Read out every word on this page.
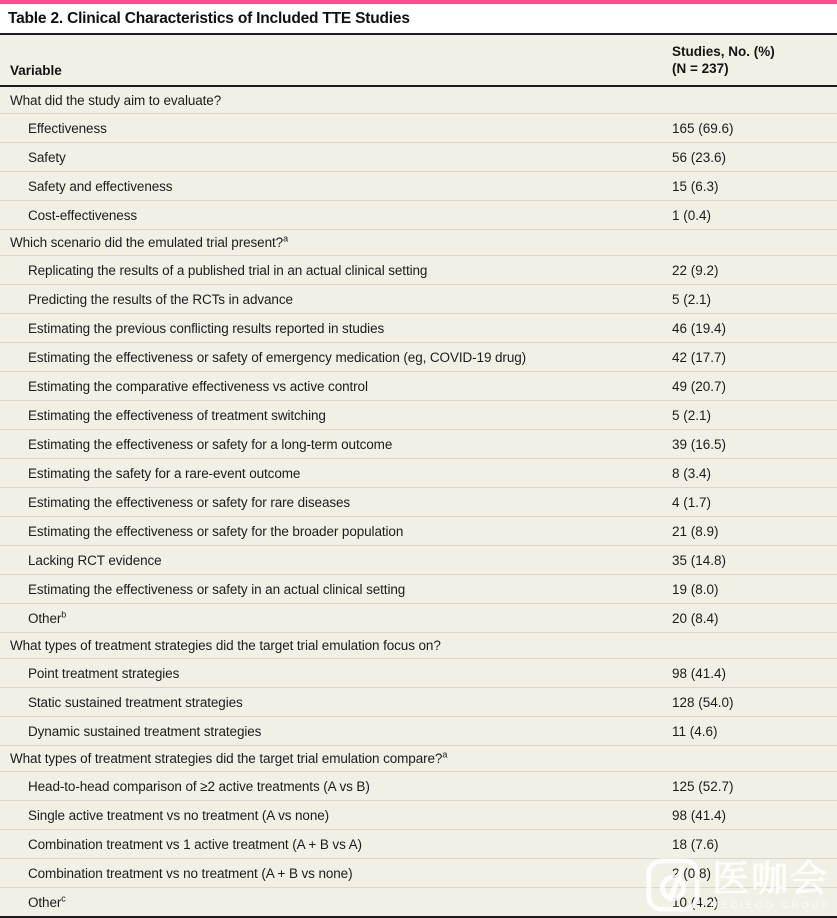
Table 2. Clinical Characteristics of Included TTE Studies
Variable
Studies, No. (%)
(N = 237)
What did the study aim to evaluate?
Effectiveness	165 (69.6)
Safety	56 (23.6)
Safety and effectiveness	15 (6.3)
Cost-effectiveness	1 (0.4)
Which scenario did the emulated trial present?$^a$
Replicating the results of a published trial in an actual clinical setting	22 (9.2)
Predicting the results of the RCTs in advance	5 (2.1)
Estimating the previous conflicting results reported in studies	46 (19.4)
Estimating the effectiveness or safety of emergency medication (eg, COVID-19 drug)	42 (17.7)
Estimating the comparative effectiveness vs active control	49 (20.7)
Estimating the effectiveness of treatment switching	5 (2.1)
Estimating the effectiveness or safety for a long-term outcome	39 (16.5)
Estimating the safety for a rare-event outcome	8 (3.4)
Estimating the effectiveness or safety for rare diseases	4 (1.7)
Estimating the effectiveness or safety for the broader population	21 (8.9)
Lacking RCT evidence	35 (14.8)
Estimating the effectiveness or safety in an actual clinical setting	19 (8.0)
Other$^b$	20 (8.4)
What types of treatment strategies did the target trial emulation focus on?
Point treatment strategies	98 (41.4)
Static sustained treatment strategies	128 (54.0)
Dynamic sustained treatment strategies	11 (4.6)
What types of treatment strategies did the target trial emulation compare?$^a$
Head-to-head comparison of ≥2 active treatments (A vs B)	125 (52.7)
Single active treatment vs no treatment (A vs none)	98 (41.4)
Combination treatment vs 1 active treatment (A + B vs A)	18 (7.6)
Combination treatment vs no treatment (A + B vs none)	2 (0.8)
Other$^c$	10 (4.2)
医咖会
MEDIECO GROUP
